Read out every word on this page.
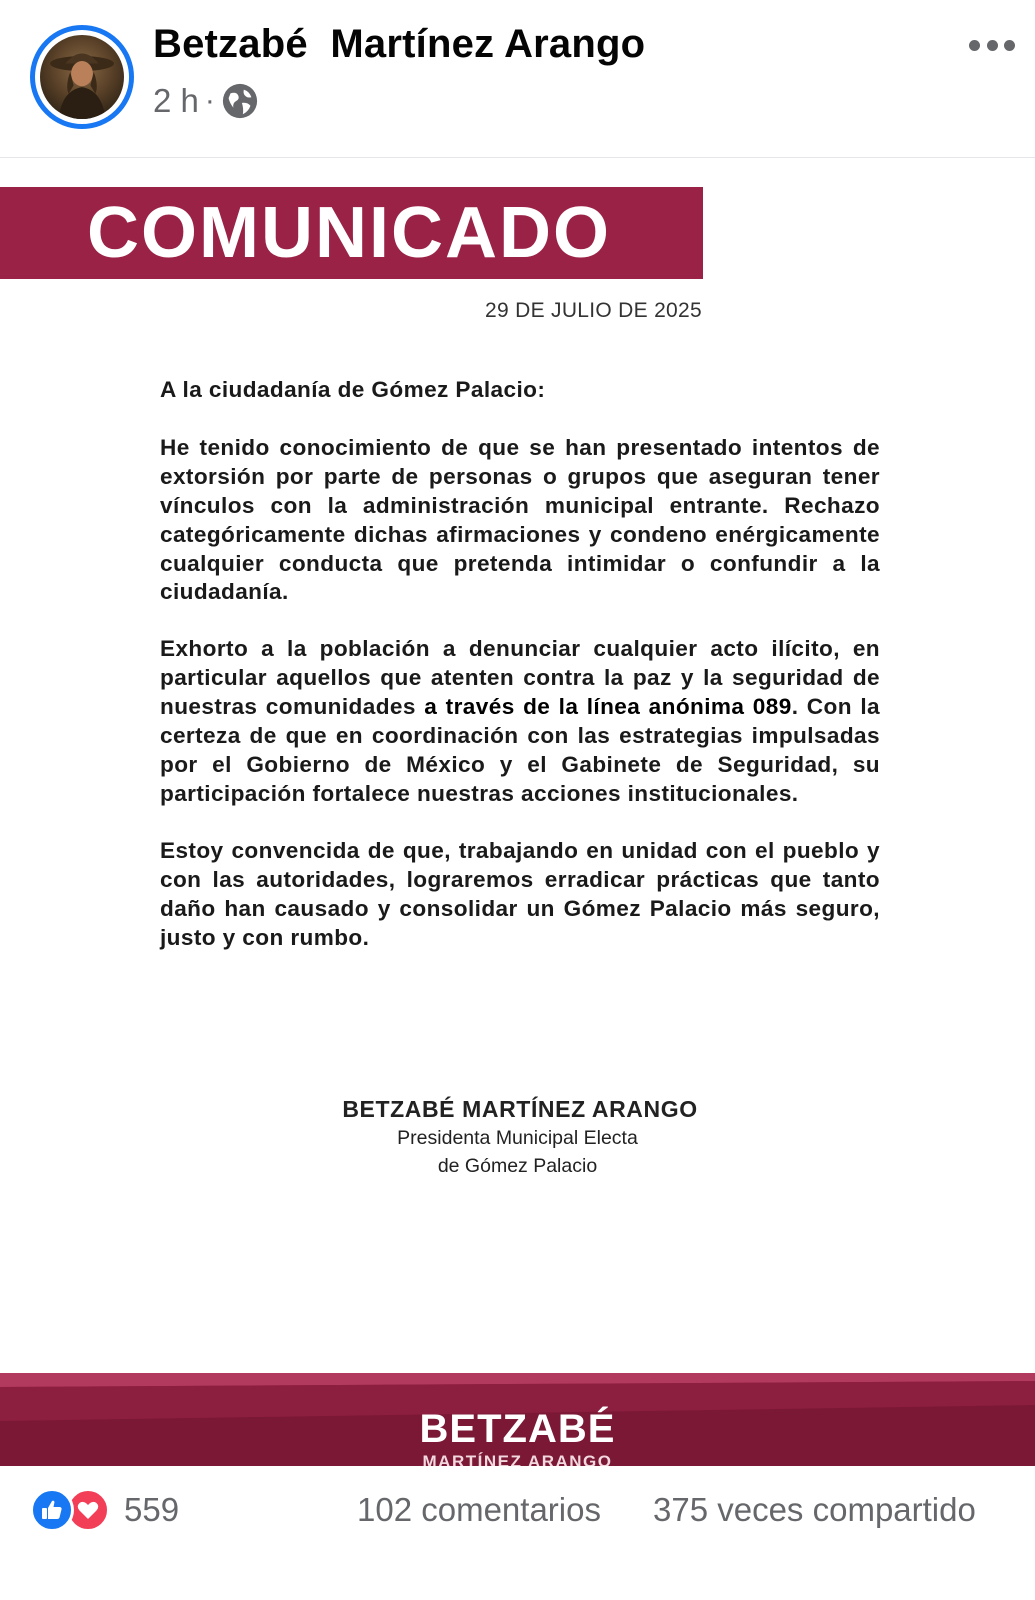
Betzabé  Martínez Arango
2 h ·
COMUNICADO
29 DE JULIO DE 2025

A la ciudadanía de Gómez Palacio:

He tenido conocimiento de que se han presentado intentos de extorsión por parte de personas o grupos que aseguran tener vínculos con la administración municipal entrante. Rechazo categóricamente dichas afirmaciones y condeno enérgicamente cualquier conducta que pretenda intimidar o confundir a la ciudadanía.

Exhorto a la población a denunciar cualquier acto ilícito, en particular aquellos que atenten contra la paz y la seguridad de nuestras comunidades a través de la línea anónima 089. Con la certeza de que en coordinación con las estrategias impulsadas por el Gobierno de México y el Gabinete de Seguridad, su participación fortalece nuestras acciones institucionales.

Estoy convencida de que, trabajando en unidad con el pueblo y con las autoridades, lograremos erradicar prácticas que tanto daño han causado y consolidar un Gómez Palacio más seguro, justo y con rumbo.

BETZABÉ MARTÍNEZ ARANGO
Presidenta Municipal Electa
de Gómez Palacio
BETZABÉ
MARTÍNEZ ARANGO
559	102 comentarios 375 veces compartido
